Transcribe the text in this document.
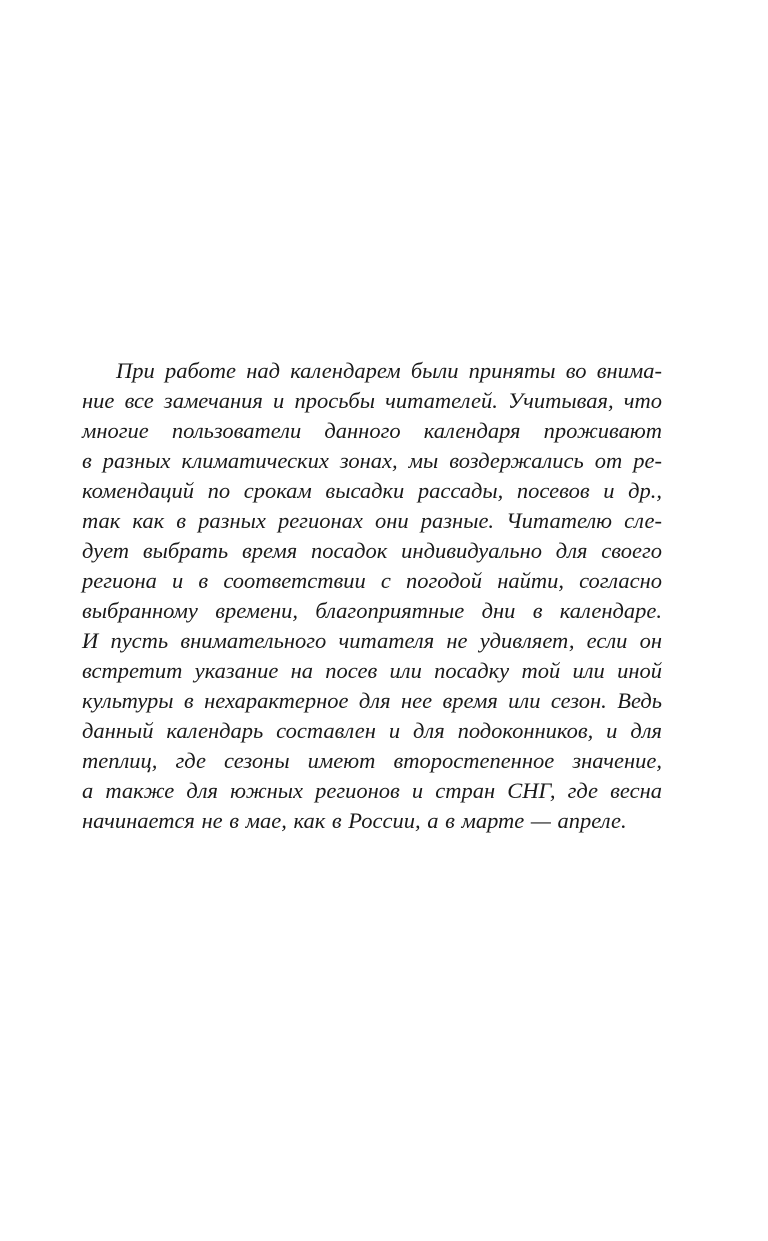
При работе над календарем были приняты во внима-
ние все замечания и просьбы читателей. Учитывая, что
многие пользователи данного календаря проживают
в разных климатических зонах, мы воздержались от ре-
комендаций по срокам высадки рассады, посевов и др.,
так как в разных регионах они разные. Читателю сле-
дует выбрать время посадок индивидуально для своего
региона и в соответствии с погодой найти, согласно
выбранному времени, благоприятные дни в календаре.
И пусть внимательного читателя не удивляет, если он
встретит указание на посев или посадку той или иной
культуры в нехарактерное для нее время или сезон. Ведь
данный календарь составлен и для подоконников, и для
теплиц, где сезоны имеют второстепенное значение,
а также для южных регионов и стран СНГ, где весна
начинается не в мае, как в России, а в марте — апреле.
